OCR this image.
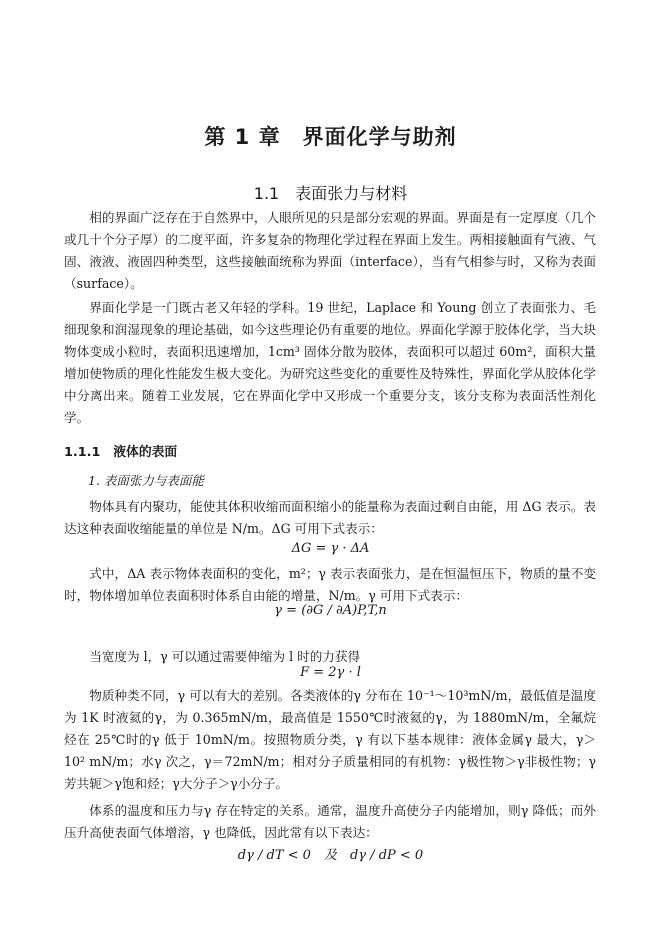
第 1 章　界面化学与助剂
1.1　表面张力与材料

相的界面广泛存在于自然界中，人眼所见的只是部分宏观的界面。界面是有一定厚度（几个或几十个分子厚）的二度平面，许多复杂的物理化学过程在界面上发生。两相接触面有气液、气固、液液、液固四种类型，这些接触面统称为界面（interface），当有气相参与时，又称为表面（surface）。

界面化学是一门既古老又年轻的学科。19 世纪，Laplace 和 Young 创立了表面张力、毛细现象和润湿现象的理论基础，如今这些理论仍有重要的地位。界面化学源于胶体化学，当大块物体变成小粒时，表面积迅速增加，1cm³ 固体分散为胶体，表面积可以超过 60m²，面积大量增加使物质的理化性能发生极大变化。为研究这些变化的重要性及特殊性，界面化学从胶体化学中分离出来。随着工业发展，它在界面化学中又形成一个重要分支，该分支称为表面活性剂化学。

1.1.1　液体的表面
1. 表面张力与表面能

物体具有内聚功，能使其体积收缩而面积缩小的能量称为表面过剩自由能，用 ΔG 表示。表达这种表面收缩能量的单位是 N/m。ΔG 可用下式表示：

ΔG = γ · ΔA

式中，ΔA 表示物体表面积的变化，m²；γ 表示表面张力，是在恒温恒压下，物质的量不变时，物体增加单位表面积时体系自由能的增量，N/m。γ 可用下式表示：

γ = (∂G / ∂A)P,T,n

当宽度为 l，γ 可以通过需要伸缩为 l 时的力获得

F = 2γ · l

物质种类不同，γ 可以有大的差别。各类液体的γ 分布在 10⁻¹～10³mN/m，最低值是温度为 1K 时液氦的γ，为 0.365mN/m，最高值是 1550℃时液氦的γ，为 1880mN/m，全氟烷烃在 25℃时的γ 低于 10mN/m。按照物质分类，γ 有以下基本规律：液体金属γ 最大，γ＞10² mN/m；水γ 次之，γ＝72mN/m；相对分子质量相同的有机物：γ极性物＞γ非极性物；γ芳共轭＞γ饱和烃；γ大分子＞γ小分子。

体系的温度和压力与γ 存在特定的关系。通常，温度升高使分子内能增加，则γ 降低；而外压升高使表面气体增溶，γ 也降低，因此常有以下表达：

dγ / dT < 0　及　dγ / dP < 0
